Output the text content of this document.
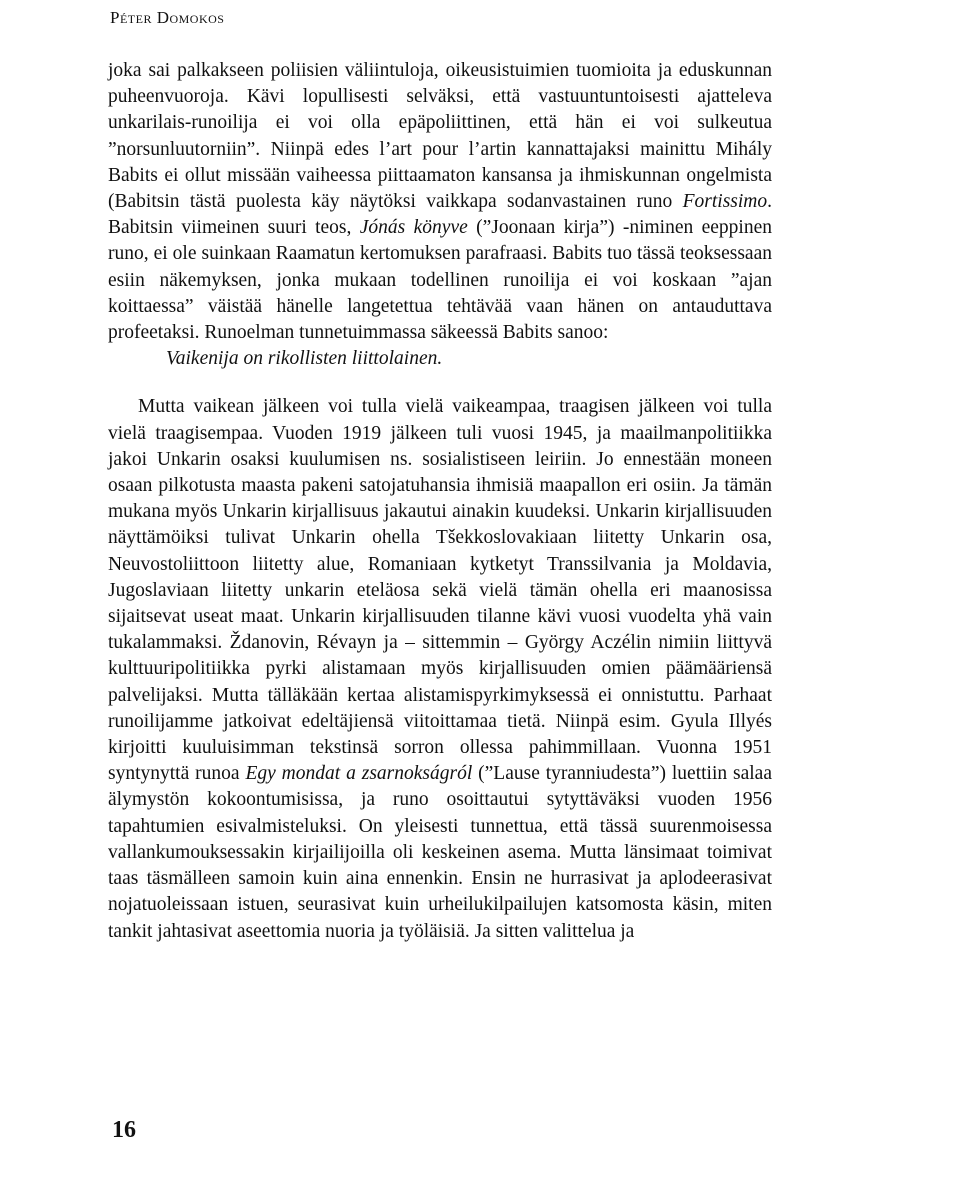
Péter Domokos

joka sai palkakseen poliisien väliintuloja, oikeusistuimien tuomioita ja eduskunnan puheenvuoroja. Kävi lopullisesti selväksi, että vastuuntuntoisesti ajatteleva unkarilais-runoilija ei voi olla epäpoliittinen, että hän ei voi sulkeutua ”norsunluutorniin”. Niinpä edes l’art pour l’artin kannattajaksi mainittu Mihály Babits ei ollut missään vaiheessa piittaamaton kansansa ja ihmiskunnan ongelmista (Babitsin tästä puolesta käy näytöksi vaikkapa sodanvastainen runo Fortissimo. Babitsin viimeinen suuri teos, Jónás könyve (”Joonaan kirja”) -niminen eeppinen runo, ei ole suinkaan Raamatun kertomuksen parafraasi. Babits tuo tässä teoksessaan esiin näkemyksen, jonka mukaan todellinen runoilija ei voi koskaan ”ajan koittaessa” väistää hänelle langetettua tehtävää vaan hänen on antauduttava profeetaksi. Runoelman tunnetuimmassa säkeessä Babits sanoo:
Vaikenija on rikollisten liittolainen.

Mutta vaikean jälkeen voi tulla vielä vaikeampaa, traagisen jälkeen voi tulla vielä traagisempaa. Vuoden 1919 jälkeen tuli vuosi 1945, ja maailmanpolitiikka jakoi Unkarin osaksi kuulumisen ns. sosialistiseen leiriin. Jo ennestään moneen osaan pilkotusta maasta pakeni satojatuhansia ihmisiä maapallon eri osiin. Ja tämän mukana myös Unkarin kirjallisuus jakautui ainakin kuudeksi. Unkarin kirjallisuuden näyttämöiksi tulivat Unkarin ohella Tšekkoslovakiaan liitetty Unkarin osa, Neuvostoliittoon liitetty alue, Romaniaan kytketyt Transsilvania ja Moldavia, Jugoslaviaan liitetty unkarin eteläosa sekä vielä tämän ohella eri maanosissa sijaitsevat useat maat. Unkarin kirjallisuuden tilanne kävi vuosi vuodelta yhä vain tukalammaksi. Ždanovin, Révayn ja – sittemmin – György Aczélin nimiin liittyvä kulttuuripolitiikka pyrki alistamaan myös kirjallisuuden omien päämääriensä palvelijaksi. Mutta tälläkään kertaa alistamispyrkimyksessä ei onnistuttu. Parhaat runoilijamme jatkoivat edeltäjiensä viitoittamaa tietä. Niinpä esim. Gyula Illyés kirjoitti kuuluisimman tekstinsä sorron ollessa pahimmillaan. Vuonna 1951 syntynyttä runoa Egy mondat a zsarnokságról (”Lause tyranniudesta”) luettiin salaa älymystön kokoontumisissa, ja runo osoittautui sytyttäväksi vuoden 1956 tapahtumien esivalmisteluksi. On yleisesti tunnettua, että tässä suurenmoisessa vallankumouksessakin kirjailijoilla oli keskeinen asema. Mutta länsimaat toimivat taas täsmälleen samoin kuin aina ennenkin. Ensin ne hurrasivat ja aplodeerasivat nojatuoleissaan istuen, seurasivat kuin urheilukilpailujen katsomosta käsin, miten tankit jahtasivat aseettomia nuoria ja työläisiä. Ja sitten valittelua ja

16
